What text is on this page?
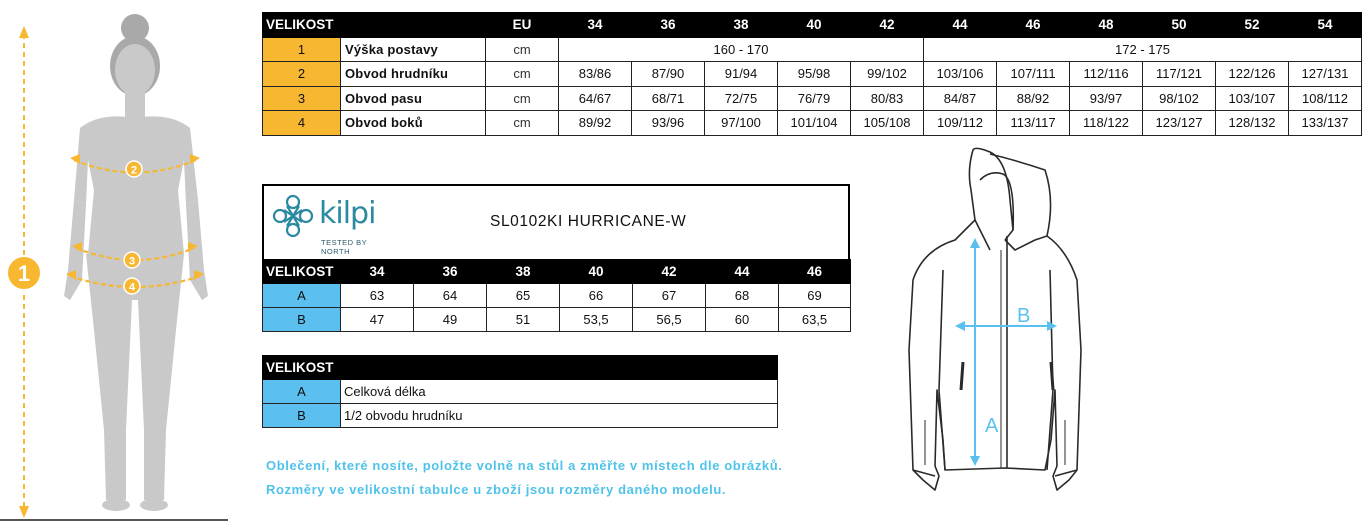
2
3
4
1
VELIKOST		EU	34	36	38	40	42	44	46	48	50	52	54
1	Výška postavy	cm	160 - 170					172 - 175					
2	Obvod hrudníku	cm	83/86	87/90	91/94	95/98	99/102	103/106	107/111	112/116	117/121	122/126	127/131
3	Obvod pasu	cm	64/67	68/71	72/75	76/79	80/83	84/87	88/92	93/97	98/102	103/107	108/112
4	Obvod boků	cm	89/92	93/96	97/100	101/104	105/108	109/112	113/117	118/122	123/127	128/132	133/137
kilpi
TESTED BY NORTH
SL0102KI HURRICANE-W
VELIKOST	34	36	38	40	42	44	46
A	63	64	65	66	67	68	69
B	47	49	51	53,5	56,5	60	63,5
VELIKOST	
A	Celková délka
B	1/2 obvodu hrudníku
Oblečení, které nosíte, položte volně na stůl a změřte v místech dle obrázků.
Rozměry ve velikostní tabulce u zboží jsou rozměry daného modelu.
A
B
